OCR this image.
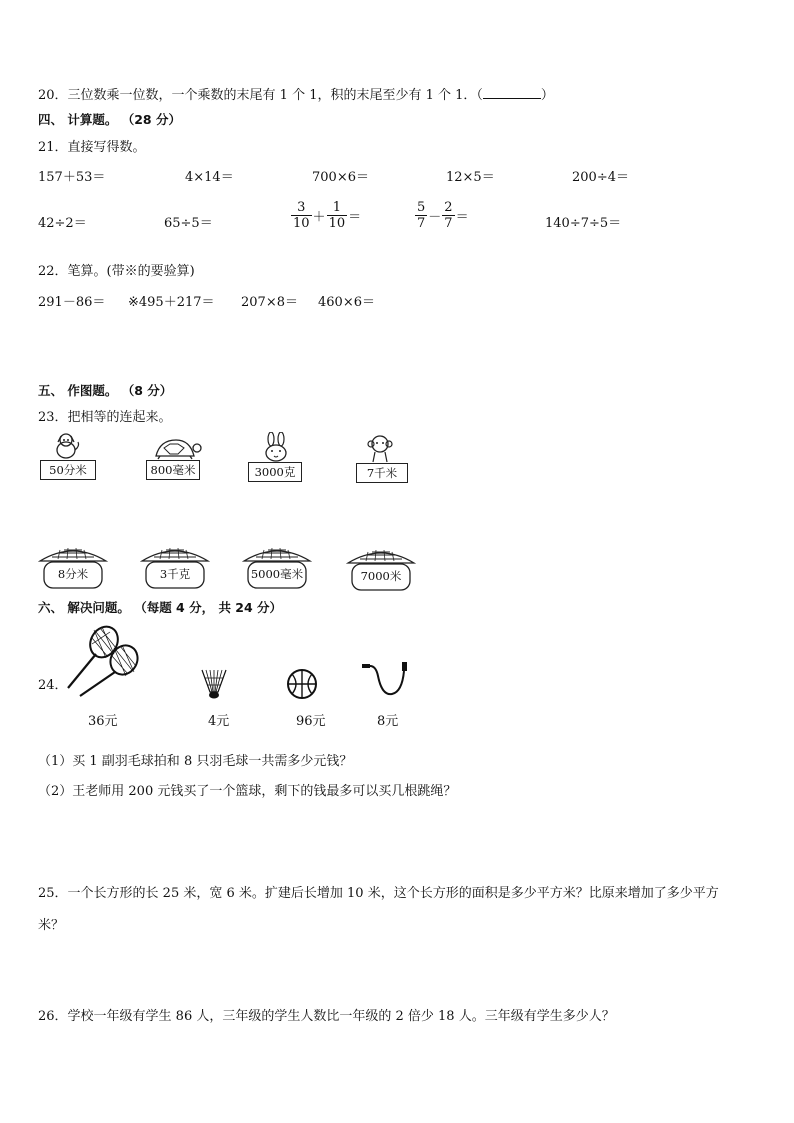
20．三位数乘一位数，一个乘数的末尾有 1 个 1，积的末尾至少有 1 个 1．（	）
四、 计算题。 （28 分）
21．直接写得数。
157＋53＝	4×14＝	700×6＝	12×5＝	200÷4＝
42÷2＝	65÷5＝	$\frac{3}{10} + \frac{1}{10}$ ＝	$\frac{5}{7} - \frac{2}{7}$ ＝	140÷7÷5＝
22．笔算。(带※的要验算)
291－86＝ ※495＋217＝ 207×8＝ 460×6＝
五、 作图题。 （8 分）
23．把相等的连起来。
50分米	800毫米	3000克	7千米
8分米	3千克	5000毫米	7000米
六、 解决问题。 （每题 4 分， 共 24 分）
24．
36元	4元	96元	8元
（1）买 1 副羽毛球拍和 8 只羽毛球一共需多少元钱？
（2）王老师用 200 元钱买了一个篮球，剩下的钱最多可以买几根跳绳？
25．一个长方形的长 25 米，宽 6 米。扩建后长增加 10 米，这个长方形的面积是多少平方米？比原来增加了多少平方
米？
26．学校一年级有学生 86 人，三年级的学生人数比一年级的 2 倍少 18 人。三年级有学生多少人？
